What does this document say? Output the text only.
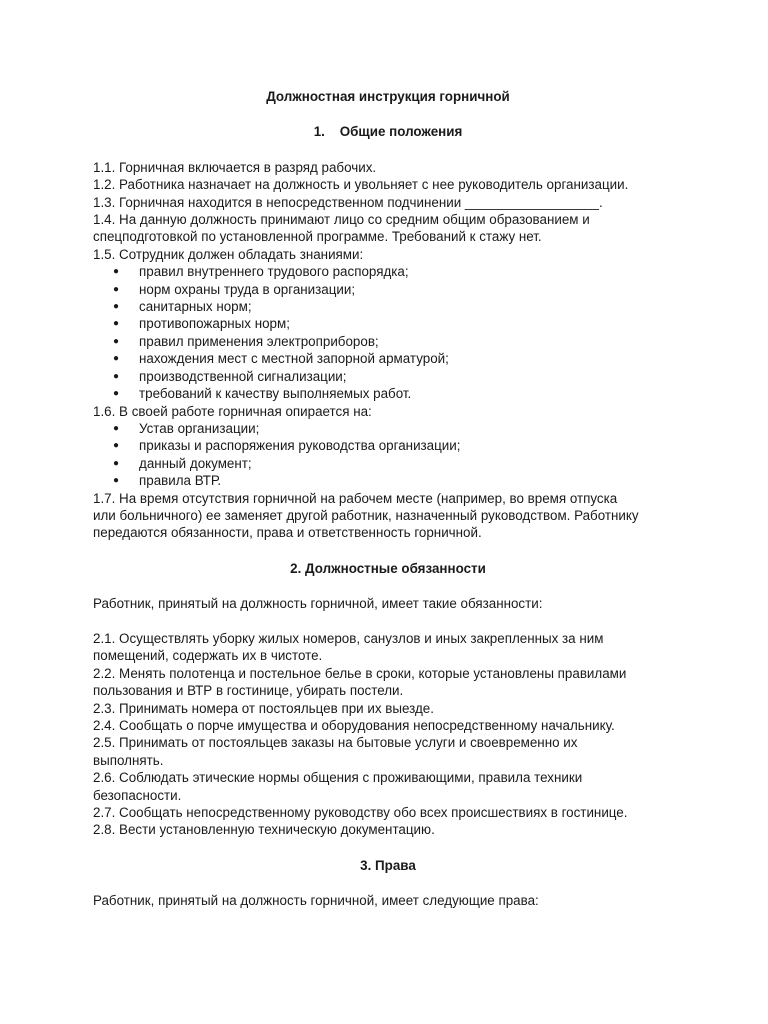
Должностная инструкция горничной

1. Общие положения

1.1. Горничная включается в разряд рабочих.

1.2. Работника назначает на должность и увольняет с нее руководитель организации.

1.3. Горничная находится в непосредственном подчинении __________________.

1.4. На данную должность принимают лицо со средним общим образованием и

спецподготовкой по установленной программе. Требований к стажу нет.

1.5. Сотрудник должен обладать знаниями:

● правил внутреннего трудового распорядка;
● норм охраны труда в организации;
● санитарных норм;
● противопожарных норм;
● правил применения электроприборов;
● нахождения мест с местной запорной арматурой;
● производственной сигнализации;
● требований к качеству выполняемых работ.

1.6. В своей работе горничная опирается на:

● Устав организации;
● приказы и распоряжения руководства организации;
● данный документ;
● правила ВТР.

1.7. На время отсутствия горничной на рабочем месте (например, во время отпуска

или больничного) ее заменяет другой работник, назначенный руководством. Работнику

передаются обязанности, права и ответственность горничной.

2. Должностные обязанности

Работник, принятый на должность горничной, имеет такие обязанности:

2.1. Осуществлять уборку жилых номеров, санузлов и иных закрепленных за ним

помещений, содержать их в чистоте.

2.2. Менять полотенца и постельное белье в сроки, которые установлены правилами

пользования и ВТР в гостинице, убирать постели.

2.3. Принимать номера от постояльцев при их выезде.

2.4. Сообщать о порче имущества и оборудования непосредственному начальнику.

2.5. Принимать от постояльцев заказы на бытовые услуги и своевременно их

выполнять.

2.6. Соблюдать этические нормы общения с проживающими, правила техники

безопасности.

2.7. Сообщать непосредственному руководству обо всех происшествиях в гостинице.

2.8. Вести установленную техническую документацию.

3. Права

Работник, принятый на должность горничной, имеет следующие права:
